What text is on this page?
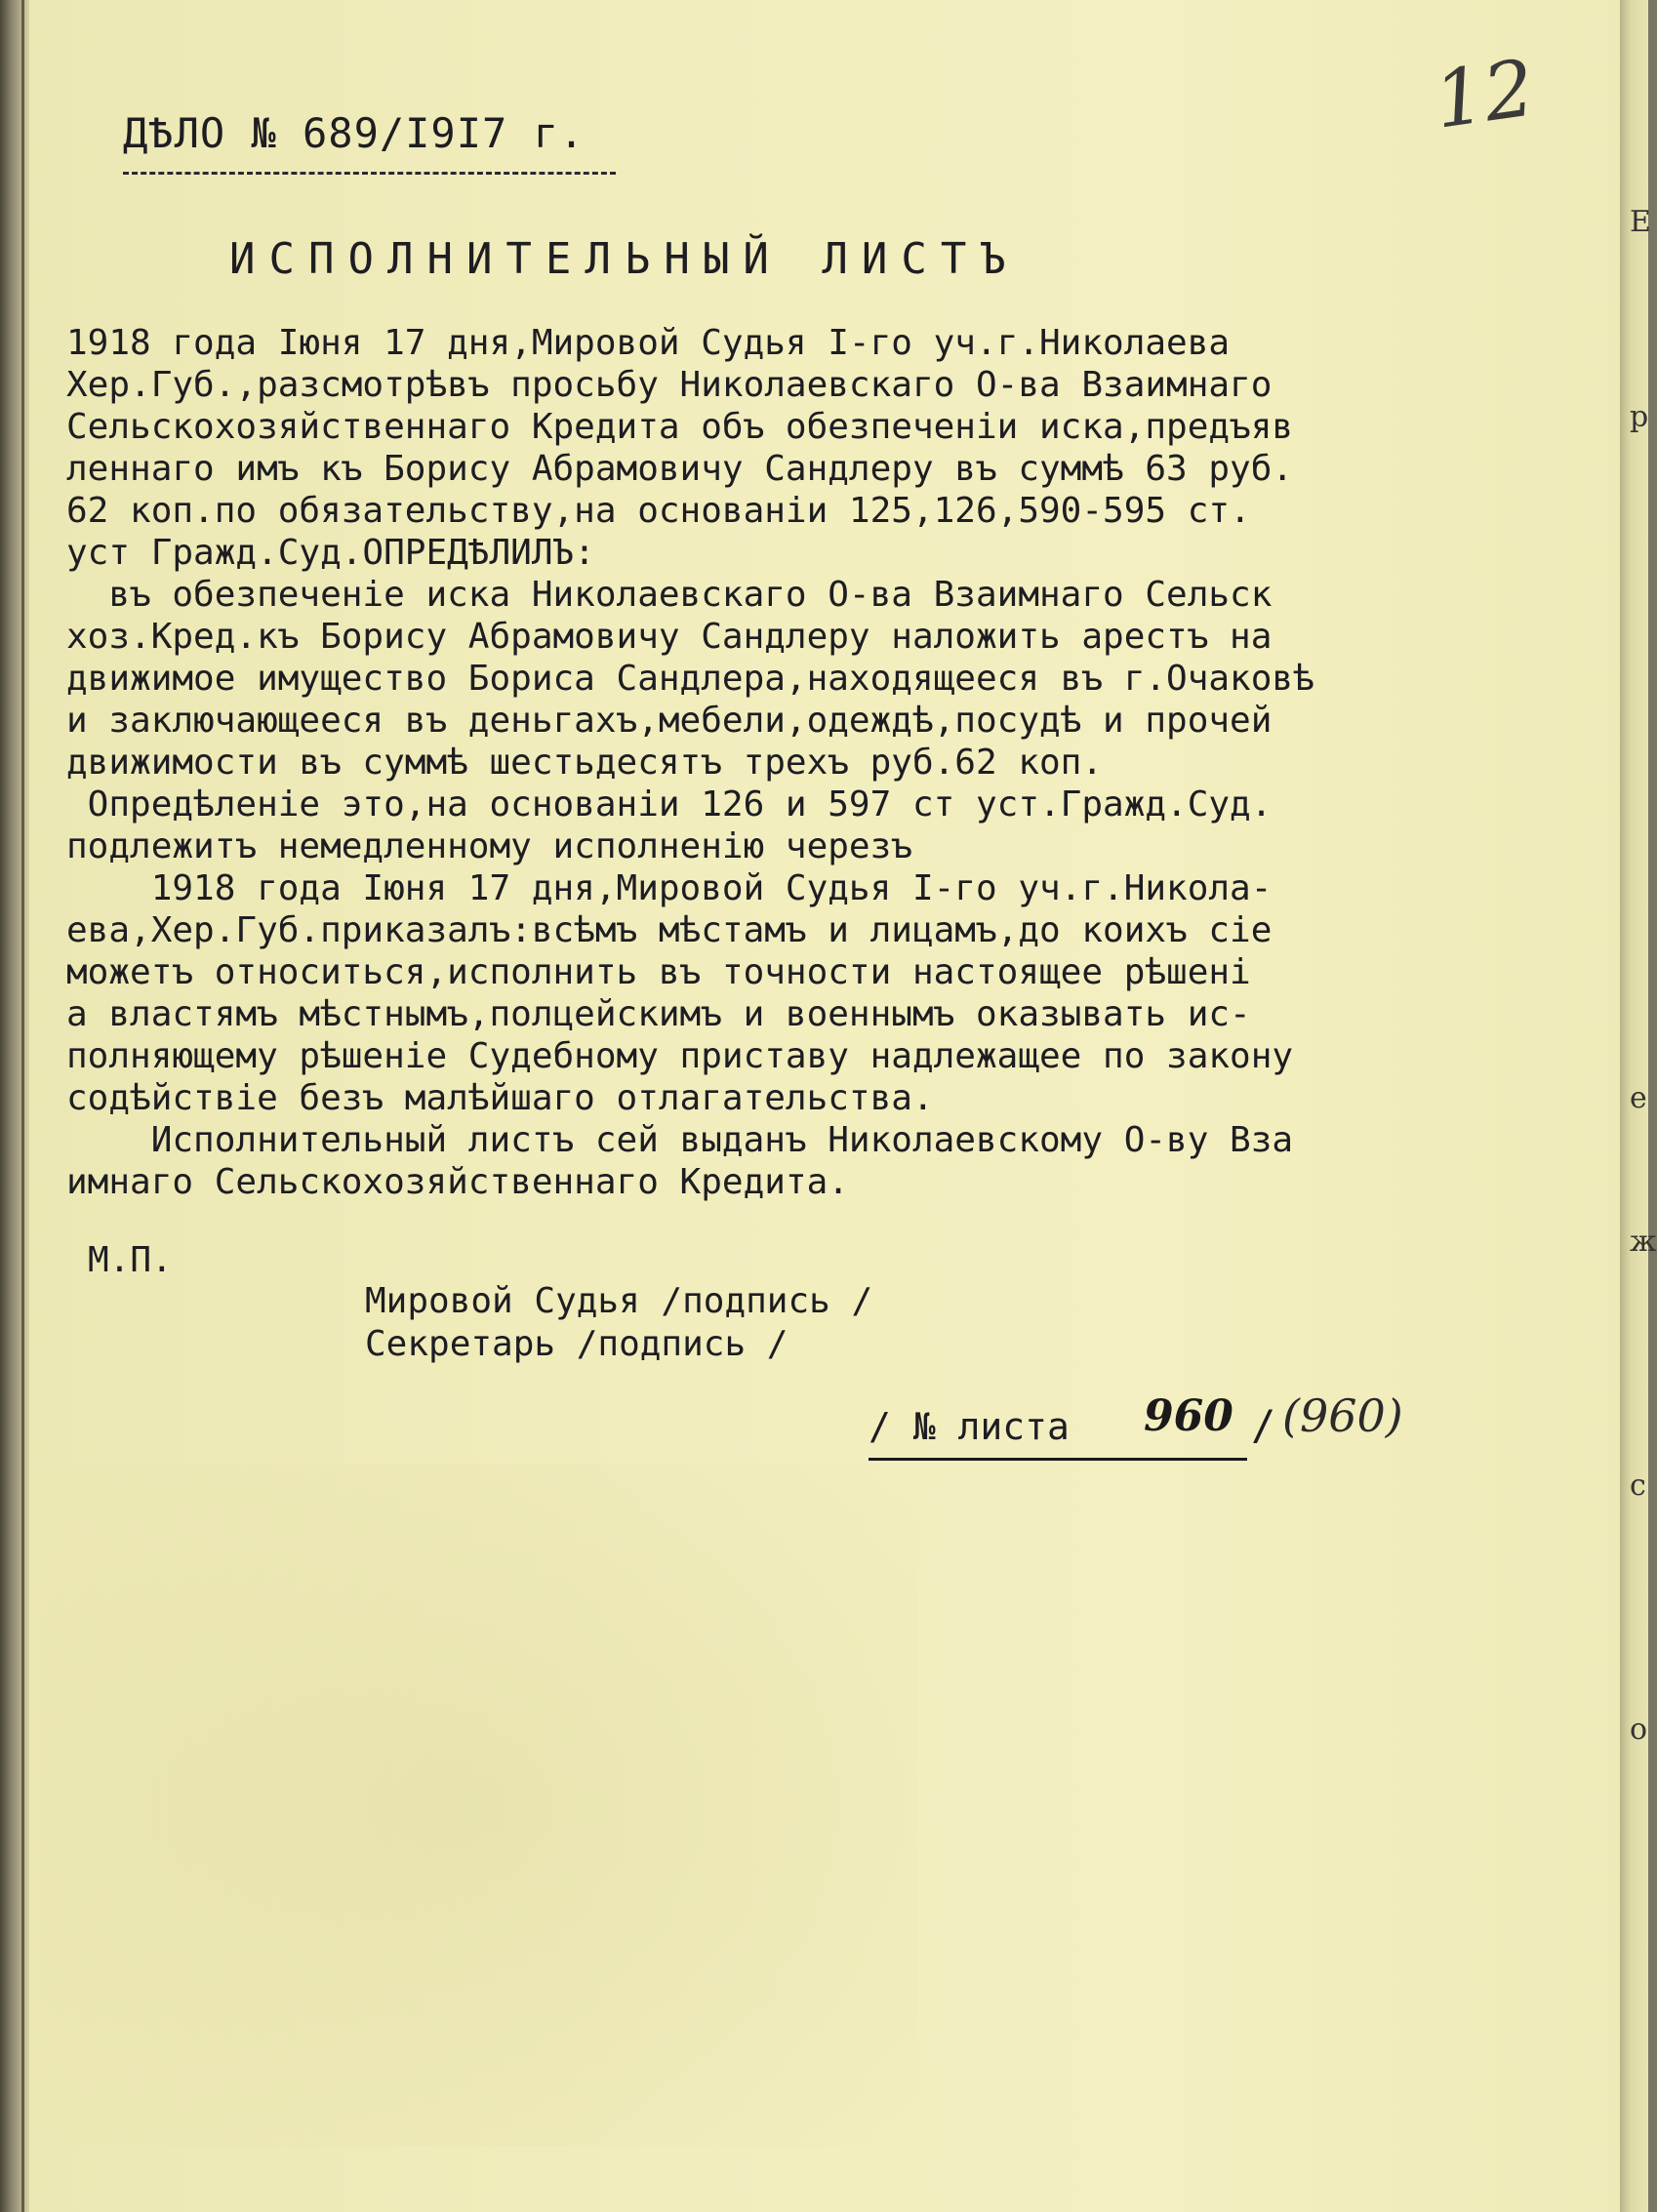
Е
р
е
ж
с
о
12

ДѢЛО № 689/I9I7 г.

ИСПОЛНИТЕЛЬНЫЙ ЛИСТЪ

1918 года Iюня 17 дня,Мировой Судья I-го уч.г.Николаева
Хер.Губ.,разсмотрѣвъ просьбу Николаевскаго О-ва Взаимнаго
Сельскохозяйственнаго Кредита объ обезпеченiи иска,предъяв
леннаго имъ къ Борису Абрамовичу Сандлеру въ суммѣ 63 руб.
62 коп.по обязательству,на основанiи 125,126,590-595 ст.
уст Гражд.Суд.ОПРЕДѢЛИЛЪ:
въ обезпеченiе иска Николаевскаго О-ва Взаимнаго Сельск
хоз.Кред.къ Борису Абрамовичу Сандлеру наложить арестъ на
движимое имущество Бориса Сандлера,находящееся въ г.Очаковѣ
и заключающееся въ деньгахъ,мебели,одеждѣ,посудѣ и прочей
движимости въ суммѣ шестьдесятъ трехъ руб.62 коп.
Опредѣленiе это,на основанiи 126 и 597 ст уст.Гражд.Суд.
подлежитъ немедленному исполненiю черезъ
1918 года Iюня 17 дня,Мировой Судья I-го уч.г.Никола-
ева,Хер.Губ.приказалъ:всѣмъ мѣстамъ и лицамъ,до коихъ сiе
можетъ относиться,исполнить въ точности настоящее рѣшенi
а властямъ мѣстнымъ,полцейскимъ и военнымъ оказывать ис-
полняющему рѣшенiе Судебному приставу надлежащее по закону
содѣйствiе безъ малѣйшаго отлагательства.
Исполнительный листъ сей выданъ Николаевскому О-ву Вза
имнаго Сельскохозяйственнаго Кредита.

М.П.

Мировой Судья /подпись /

Секретарь /подпись /

/ № листа 960 / (960)
